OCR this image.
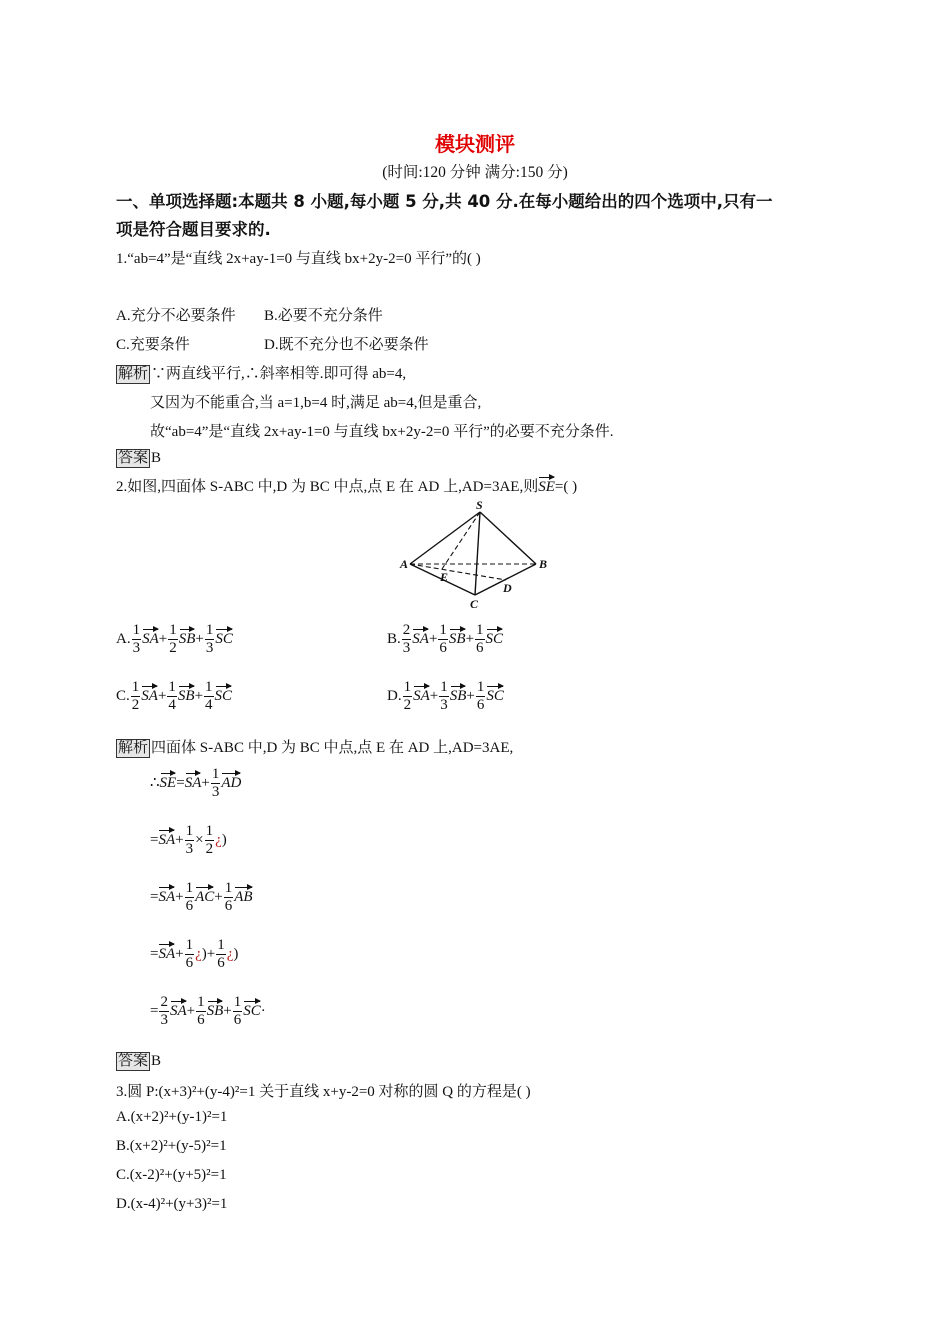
模块测评
(时间:120 分钟 满分:150 分)
一、单项选择题:本题共 8 小题,每小题 5 分,共 40 分.在每小题给出的四个选项中,只有一
项是符合题目要求的.
1.“ab=4”是“直线 2x+ay-1=0 与直线 bx+2y-2=0 平行”的( )
A.充分不必要条件 B.必要不充分条件
C.充要条件	D.既不充分也不必要条件
解析 ∵两直线平行,∴斜率相等.即可得 ab=4,
又因为不能重合,当 a=1,b=4 时,满足 ab=4,但是重合,
故“ab=4”是“直线 2x+ay-1=0 与直线 bx+2y-2=0 平行”的必要不充分条件.
答案 B
2.如图,四面体 S-ABC 中,D 为 BC 中点,点 E 在 AD 上,AD=3AE,则SE=( )
S
A	B
C
D
E
A. $\frac{1}{3} SA+ \frac{1}{2} SB+ \frac{1}{3}$ SC	B. $\frac{2}{3} SA+ \frac{1}{6} SB+ \frac{1}{6}$ SC
C. $\frac{1}{2} SA+ \frac{1}{4} SB+ \frac{1}{4}$ SC	D. $\frac{1}{2} SA+ \frac{1}{3} SB+ \frac{1}{6}$ SC
解析 四面体 S-ABC 中,D 为 BC 中点,点 E 在 AD 上,AD=3AE,
∴SE=SA+ $\frac{1}{3}$ AD
$=SA+ \frac{1}{3} \times \frac{1}{2}$ ¿)
$=SA+ \frac{1}{6} AC+ \frac{1}{6}$ AB
$=SA+ \frac{1}{6}$ ¿)+ $\frac{1}{6}$ ¿)
= $\frac{2}{3} SA+ \frac{1}{6} SB+ \frac{1}{6} SC\cdot$
答案 B
3.圆 P:(x+3)²+(y-4)²=1 关于直线 x+y-2=0 对称的圆 Q 的方程是( )
A.(x+2)²+(y-1)²=1
B.(x+2)²+(y-5)²=1
C.(x-2)²+(y+5)²=1
D.(x-4)²+(y+3)²=1
